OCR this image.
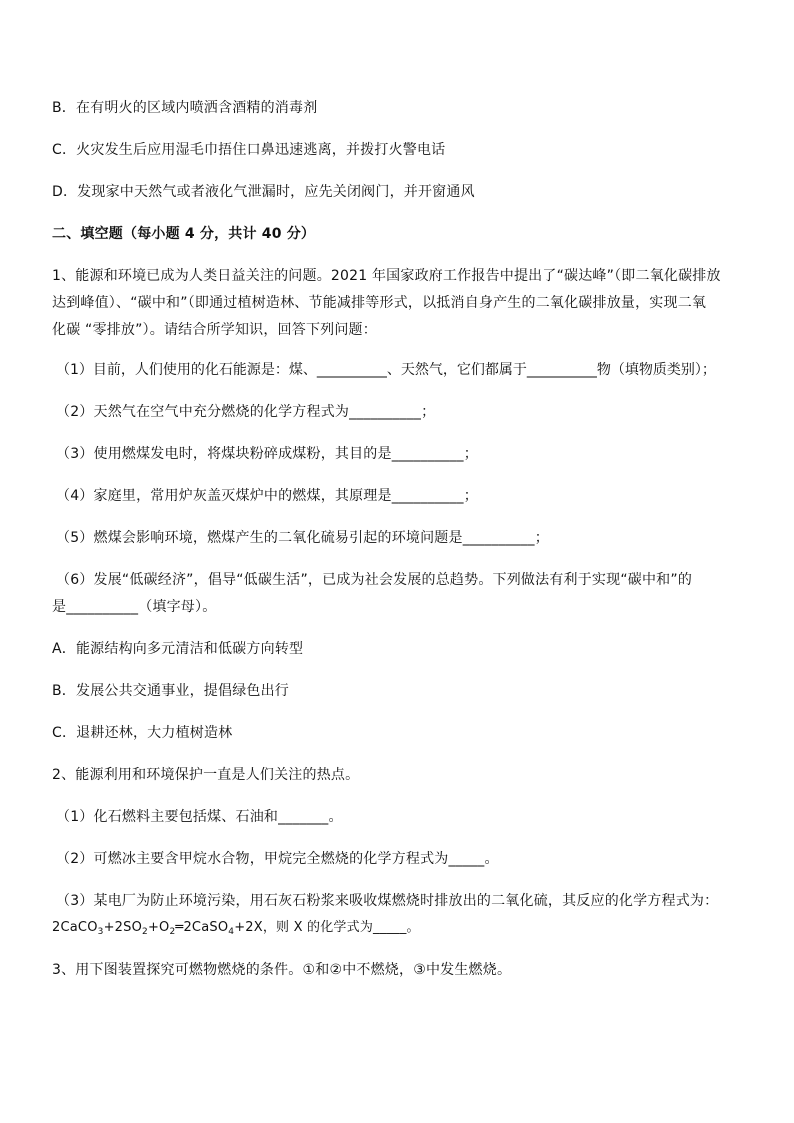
B．在有明火的区域内喷洒含酒精的消毒剂
C．火灾发生后应用湿毛巾捂住口鼻迅速逃离，并拨打火警电话
D．发现家中天然气或者液化气泄漏时，应先关闭阀门，并开窗通风
二、填空题（每小题 4 分，共计 40 分）
1、能源和环境已成为人类日益关注的问题。2021 年国家政府工作报告中提出了“碳达峰”（即二氧化碳排放
达到峰值）、“碳中和”（即通过植树造林、节能减排等形式，以抵消自身产生的二氧化碳排放量，实现二氧
化碳 “零排放”）。请结合所学知识，回答下列问题：
（1）目前，人们使用的化石能源是：煤、__________、天然气，它们都属于__________物（填物质类别）；
（2）天然气在空气中充分燃烧的化学方程式为__________；
（3）使用燃煤发电时，将煤块粉碎成煤粉，其目的是__________；
（4）家庭里，常用炉灰盖灭煤炉中的燃煤，其原理是__________；
（5）燃煤会影响环境，燃煤产生的二氧化硫易引起的环境问题是__________；
（6）发展“低碳经济”，倡导“低碳生活”，已成为社会发展的总趋势。下列做法有利于实现“碳中和”的
是__________（填字母）。
A．能源结构向多元清洁和低碳方向转型
B．发展公共交通事业，提倡绿色出行
C．退耕还林，大力植树造林
2、能源利用和环境保护一直是人们关注的热点。
（1）化石燃料主要包括煤、石油和_______。
（2）可燃冰主要含甲烷水合物，甲烷完全燃烧的化学方程式为_____。
（3）某电厂为防止环境污染，用石灰石粉浆来吸收煤燃烧时排放出的二氧化硫，其反应的化学方程式为：
$2CaCO_3+2SO_2+O_2═2CaSO_4+2X$，则 X 的化学式为_____。
3、用下图装置探究可燃物燃烧的条件。①和②中不燃烧，③中发生燃烧。
